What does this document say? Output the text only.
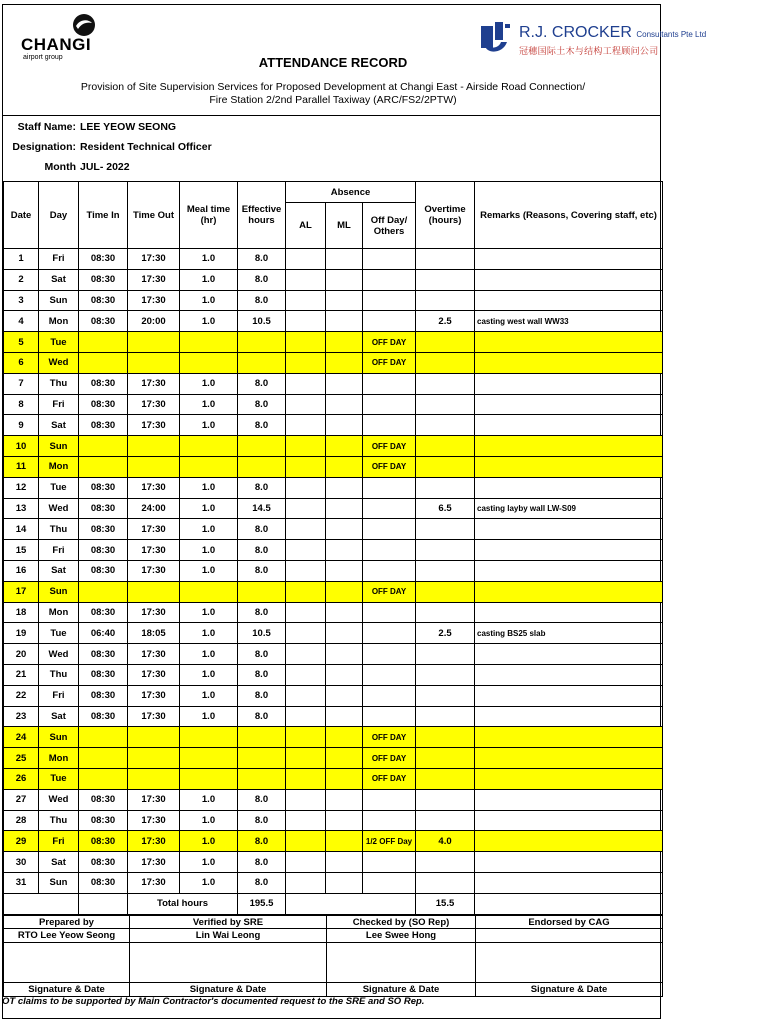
CHANGI
airport group
R.J. CROCKER Consultants Pte Ltd
冠穗国际土木与结构工程顾问公司
ATTENDANCE RECORD
Provision of Site Supervision Services for Proposed Development at Changi East - Airside Road Connection/
Fire Station 2/2nd Parallel Taxiway (ARC/FS2/2PTW)
Staff Name: LEE YEOW SEONG
Designation: Resident Technical Officer
Month JUL- 2022
Date	Day	Time In	Time Out	Meal time (hr)	Effective hours	Absence			Overtime (hours)	Remarks (Reasons, Covering staff, etc)
						AL	ML	Off Day/ Others		
1	Fri	08:30	17:30	1.0	8.0					
2	Sat	08:30	17:30	1.0	8.0					
3	Sun	08:30	17:30	1.0	8.0					
4	Mon	08:30	20:00	1.0	10.5				2.5	casting west wall WW33
5	Tue							OFF DAY		
6	Wed							OFF DAY		
7	Thu	08:30	17:30	1.0	8.0					
8	Fri	08:30	17:30	1.0	8.0					
9	Sat	08:30	17:30	1.0	8.0					
10	Sun							OFF DAY		
11	Mon							OFF DAY		
12	Tue	08:30	17:30	1.0	8.0					
13	Wed	08:30	24:00	1.0	14.5				6.5	casting layby wall LW-S09
14	Thu	08:30	17:30	1.0	8.0					
15	Fri	08:30	17:30	1.0	8.0					
16	Sat	08:30	17:30	1.0	8.0					
17	Sun							OFF DAY		
18	Mon	08:30	17:30	1.0	8.0					
19	Tue	06:40	18:05	1.0	10.5				2.5	casting BS25 slab
20	Wed	08:30	17:30	1.0	8.0					
21	Thu	08:30	17:30	1.0	8.0					
22	Fri	08:30	17:30	1.0	8.0					
23	Sat	08:30	17:30	1.0	8.0					
24	Sun							OFF DAY		
25	Mon							OFF DAY		
26	Tue							OFF DAY		
27	Wed	08:30	17:30	1.0	8.0					
28	Thu	08:30	17:30	1.0	8.0					
29	Fri	08:30	17:30	1.0	8.0			1/2 OFF Day	4.0	
30	Sat	08:30	17:30	1.0	8.0					
31	Sun	08:30	17:30	1.0	8.0					
			Total hours		195.5				15.5	
Prepared by	Verified by SRE	Checked by (SO Rep)	Endorsed by CAG
RTO Lee Yeow Seong	Lin Wai Leong	Lee Swee Hong	

Signature & Date	Signature & Date	Signature & Date	Signature & Date
OT claims to be supported by Main Contractor's documented request to the SRE and SO Rep.
